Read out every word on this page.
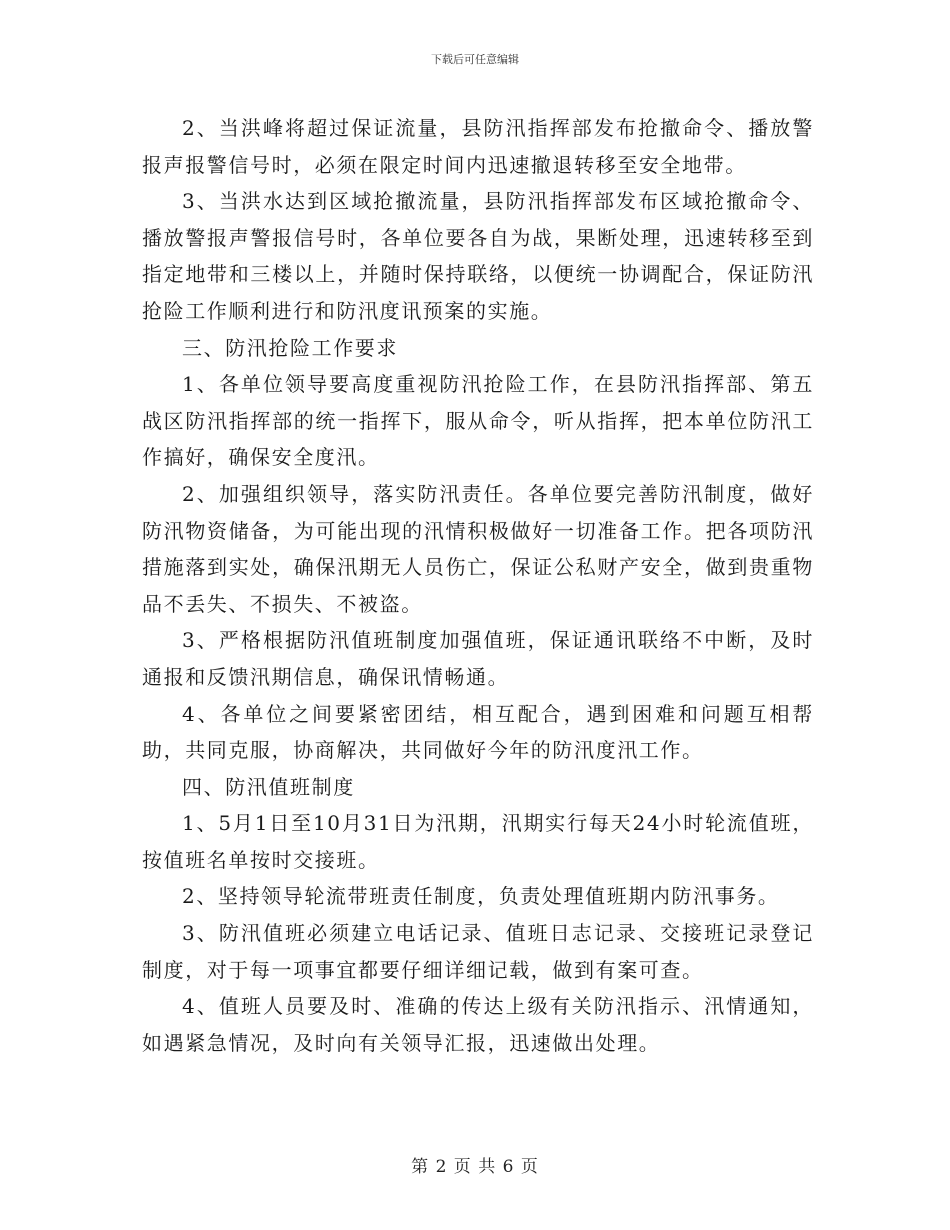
下载后可任意编辑

2、当洪峰将超过保证流量，县防汛指挥部发布抢撤命令、播放警报声报警信号时，必须在限定时间内迅速撤退转移至安全地带。

3、当洪水达到区域抢撤流量，县防汛指挥部发布区域抢撤命令、播放警报声警报信号时，各单位要各自为战，果断处理，迅速转移至到指定地带和三楼以上，并随时保持联络，以便统一协调配合，保证防汛抢险工作顺利进行和防汛度讯预案的实施。

三、防汛抢险工作要求

1、各单位领导要高度重视防汛抢险工作，在县防汛指挥部、第五战区防汛指挥部的统一指挥下，服从命令，听从指挥，把本单位防汛工作搞好，确保安全度汛。

2、加强组织领导，落实防汛责任。各单位要完善防汛制度，做好防汛物资储备，为可能出现的汛情积极做好一切准备工作。把各项防汛措施落到实处，确保汛期无人员伤亡，保证公私财产安全，做到贵重物品不丢失、不损失、不被盗。

3、严格根据防汛值班制度加强值班，保证通讯联络不中断，及时通报和反馈汛期信息，确保讯情畅通。

4、各单位之间要紧密团结，相互配合，遇到困难和问题互相帮助，共同克服，协商解决，共同做好今年的防汛度汛工作。

四、防汛值班制度

1、5月1日至10月31日为汛期，汛期实行每天24小时轮流值班，按值班名单按时交接班。

2、坚持领导轮流带班责任制度，负责处理值班期内防汛事务。

3、防汛值班必须建立电话记录、值班日志记录、交接班记录登记制度，对于每一项事宜都要仔细详细记载，做到有案可查。

4、值班人员要及时、准确的传达上级有关防汛指示、汛情通知，如遇紧急情况，及时向有关领导汇报，迅速做出处理。

第 2 页 共 6 页
